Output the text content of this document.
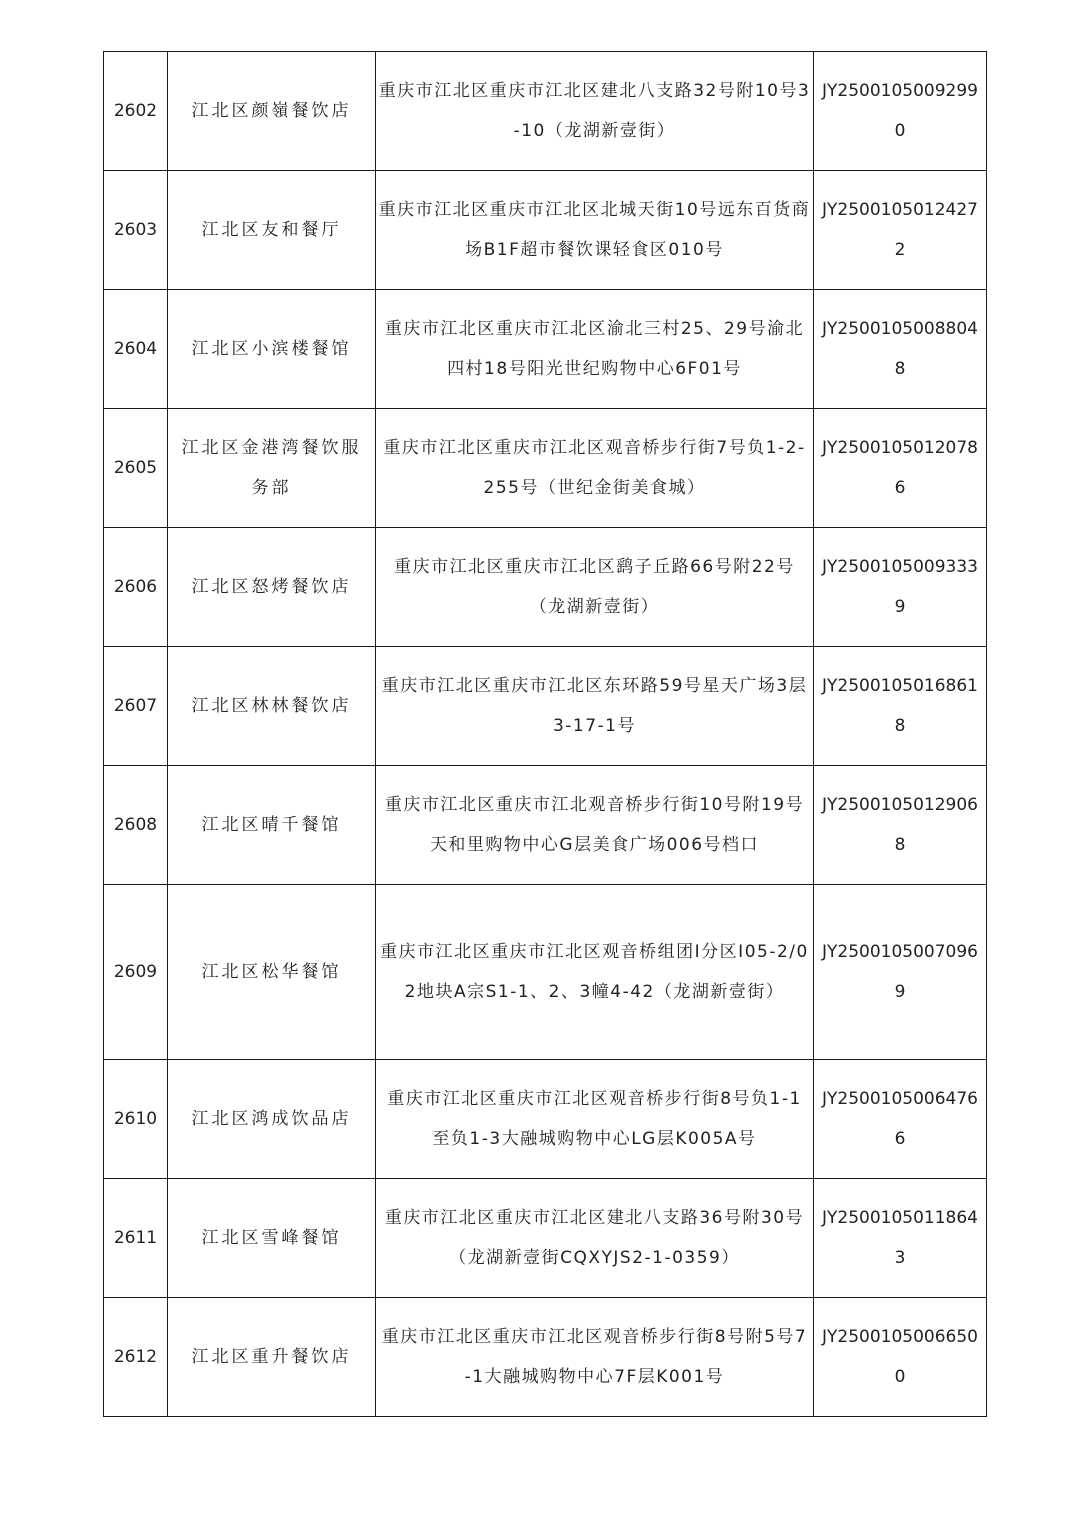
2602	江北区颜嶺餐饮店	重庆市江北区重庆市江北区建北八支路32号附10号3-10（龙湖新壹街）	JY25001050092990
2603	江北区友和餐厅	重庆市江北区重庆市江北区北城天街10号远东百货商场B1F超市餐饮课轻食区010号	JY25001050124272
2604	江北区小滨楼餐馆	重庆市江北区重庆市江北区渝北三村25、29号渝北四村18号阳光世纪购物中心6F01号	JY25001050088048
2605	江北区金港湾餐饮服务部	重庆市江北区重庆市江北区观音桥步行街7号负1-2-255号（世纪金街美食城）	JY25001050120786
2606	江北区怒烤餐饮店	重庆市江北区重庆市江北区鹞子丘路66号附22号（龙湖新壹街）	JY25001050093339
2607	江北区林林餐饮店	重庆市江北区重庆市江北区东环路59号星天广场3层3-17-1号	JY25001050168618
2608	江北区晴千餐馆	重庆市江北区重庆市江北观音桥步行街10号附19号天和里购物中心G层美食广场006号档口	JY25001050129068
2609	江北区松华餐馆	重庆市江北区重庆市江北区观音桥组团Ⅰ分区I05-2/02地块A宗S1-1、2、3幢4-42（龙湖新壹街）	JY25001050070969
2610	江北区鸿成饮品店	重庆市江北区重庆市江北区观音桥步行街8号负1-1至负1-3大融城购物中心LG层K005A号	JY25001050064766
2611	江北区雪峰餐馆	重庆市江北区重庆市江北区建北八支路36号附30号（龙湖新壹街CQXYJS2-1-0359）	JY25001050118643
2612	江北区重升餐饮店	重庆市江北区重庆市江北区观音桥步行街8号附5号7-1大融城购物中心7F层K001号	JY25001050066500
